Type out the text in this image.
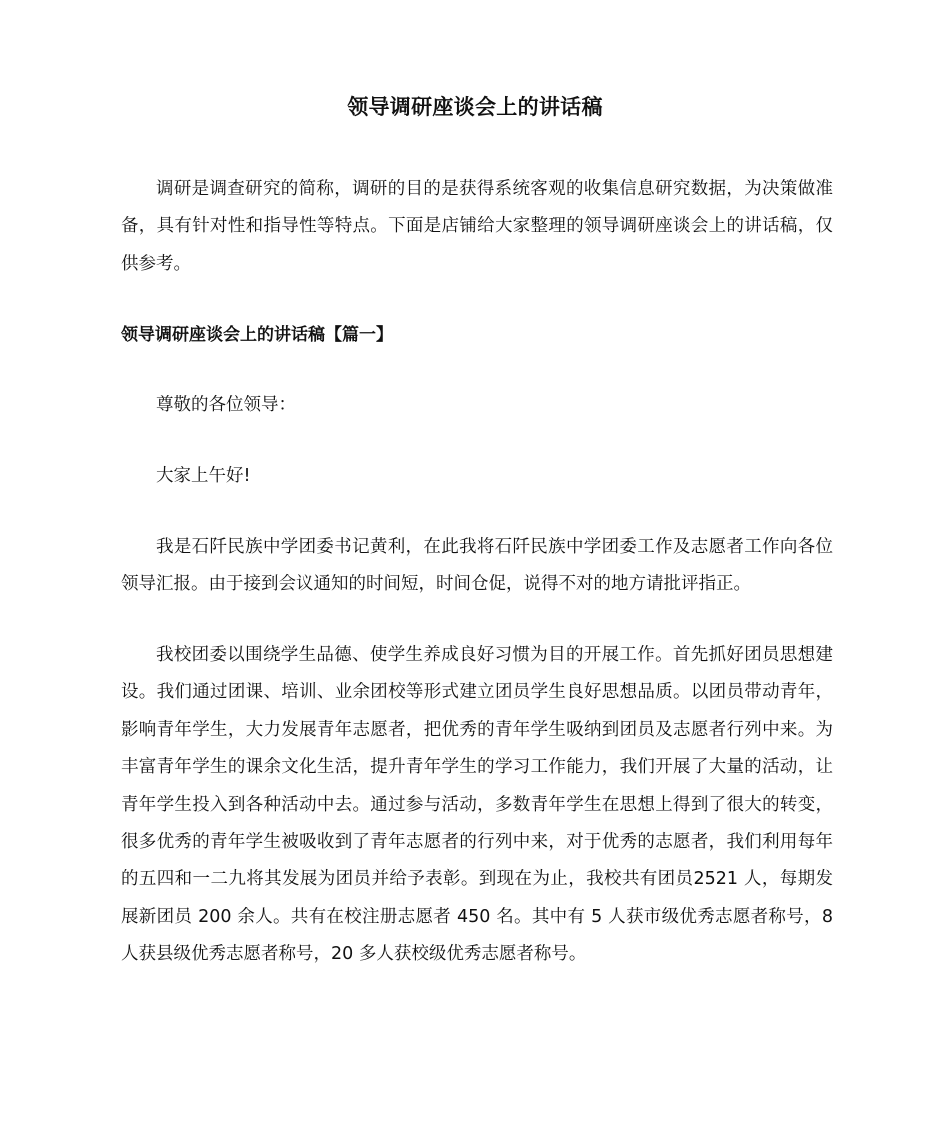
领导调研座谈会上的讲话稿

调研是调查研究的简称，调研的目的是获得系统客观的收集信息研究数据，为决策做准备，具有针对性和指导性等特点。下面是店铺给大家整理的领导调研座谈会上的讲话稿，仅供参考。

领导调研座谈会上的讲话稿【篇一】

尊敬的各位领导：

大家上午好!

我是石阡民族中学团委书记黄利，在此我将石阡民族中学团委工作及志愿者工作向各位领导汇报。由于接到会议通知的时间短，时间仓促，说得不对的地方请批评指正。

我校团委以围绕学生品德、使学生养成良好习惯为目的开展工作。首先抓好团员思想建设。我们通过团课、培训、业余团校等形式建立团员学生良好思想品质。以团员带动青年，影响青年学生，大力发展青年志愿者，把优秀的青年学生吸纳到团员及志愿者行列中来。为丰富青年学生的课余文化生活，提升青年学生的学习工作能力，我们开展了大量的活动，让青年学生投入到各种活动中去。通过参与活动，多数青年学生在思想上得到了很大的转变，很多优秀的青年学生被吸收到了青年志愿者的行列中来，对于优秀的志愿者，我们利用每年的五四和一二九将其发展为团员并给予表彰。到现在为止，我校共有团员2521 人，每期发展新团员 200 余人。共有在校注册志愿者 450 名。其中有 5 人获市级优秀志愿者称号，8 人获县级优秀志愿者称号，20 多人获校级优秀志愿者称号。
